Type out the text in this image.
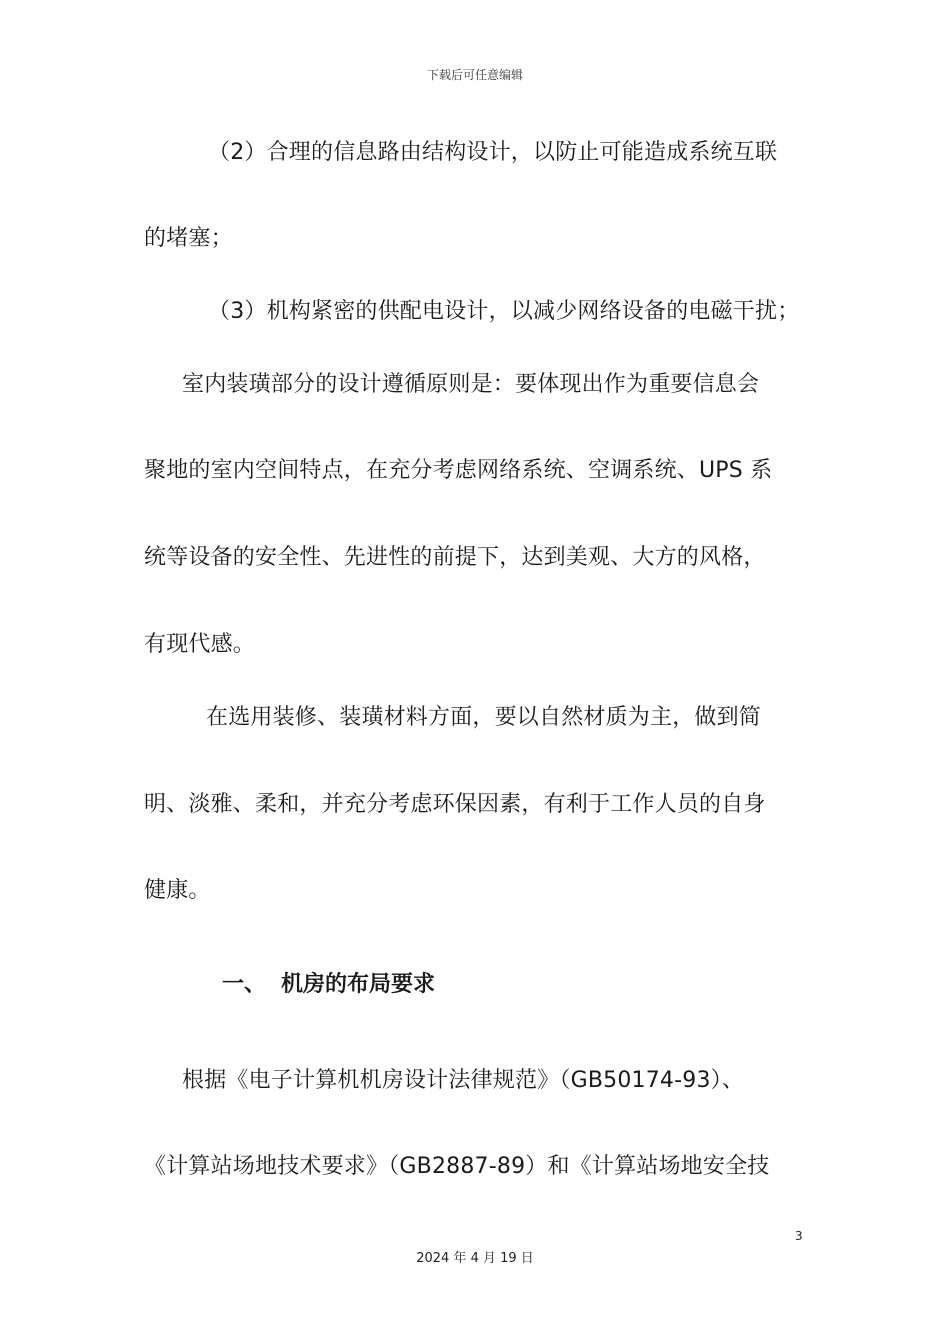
下载后可任意编辑
（2）合理的信息路由结构设计，以防止可能造成系统互联
的堵塞；
（3）机构紧密的供配电设计，以减少网络设备的电磁干扰；
室内装璜部分的设计遵循原则是：要体现出作为重要信息会
聚地的室内空间特点，在充分考虑网络系统、空调系统、UPS 系
统等设备的安全性、先进性的前提下，达到美观、大方的风格，
有现代感。
在选用装修、装璜材料方面，要以自然材质为主，做到简
明、淡雅、柔和，并充分考虑环保因素，有利于工作人员的自身
健康。
一、 机房的布局要求
根据《电子计算机机房设计法律规范》（GB50174-93）、
《计算站场地技术要求》（GB2887-89）和《计算站场地安全技
3
2024 年 4 月 19 日
